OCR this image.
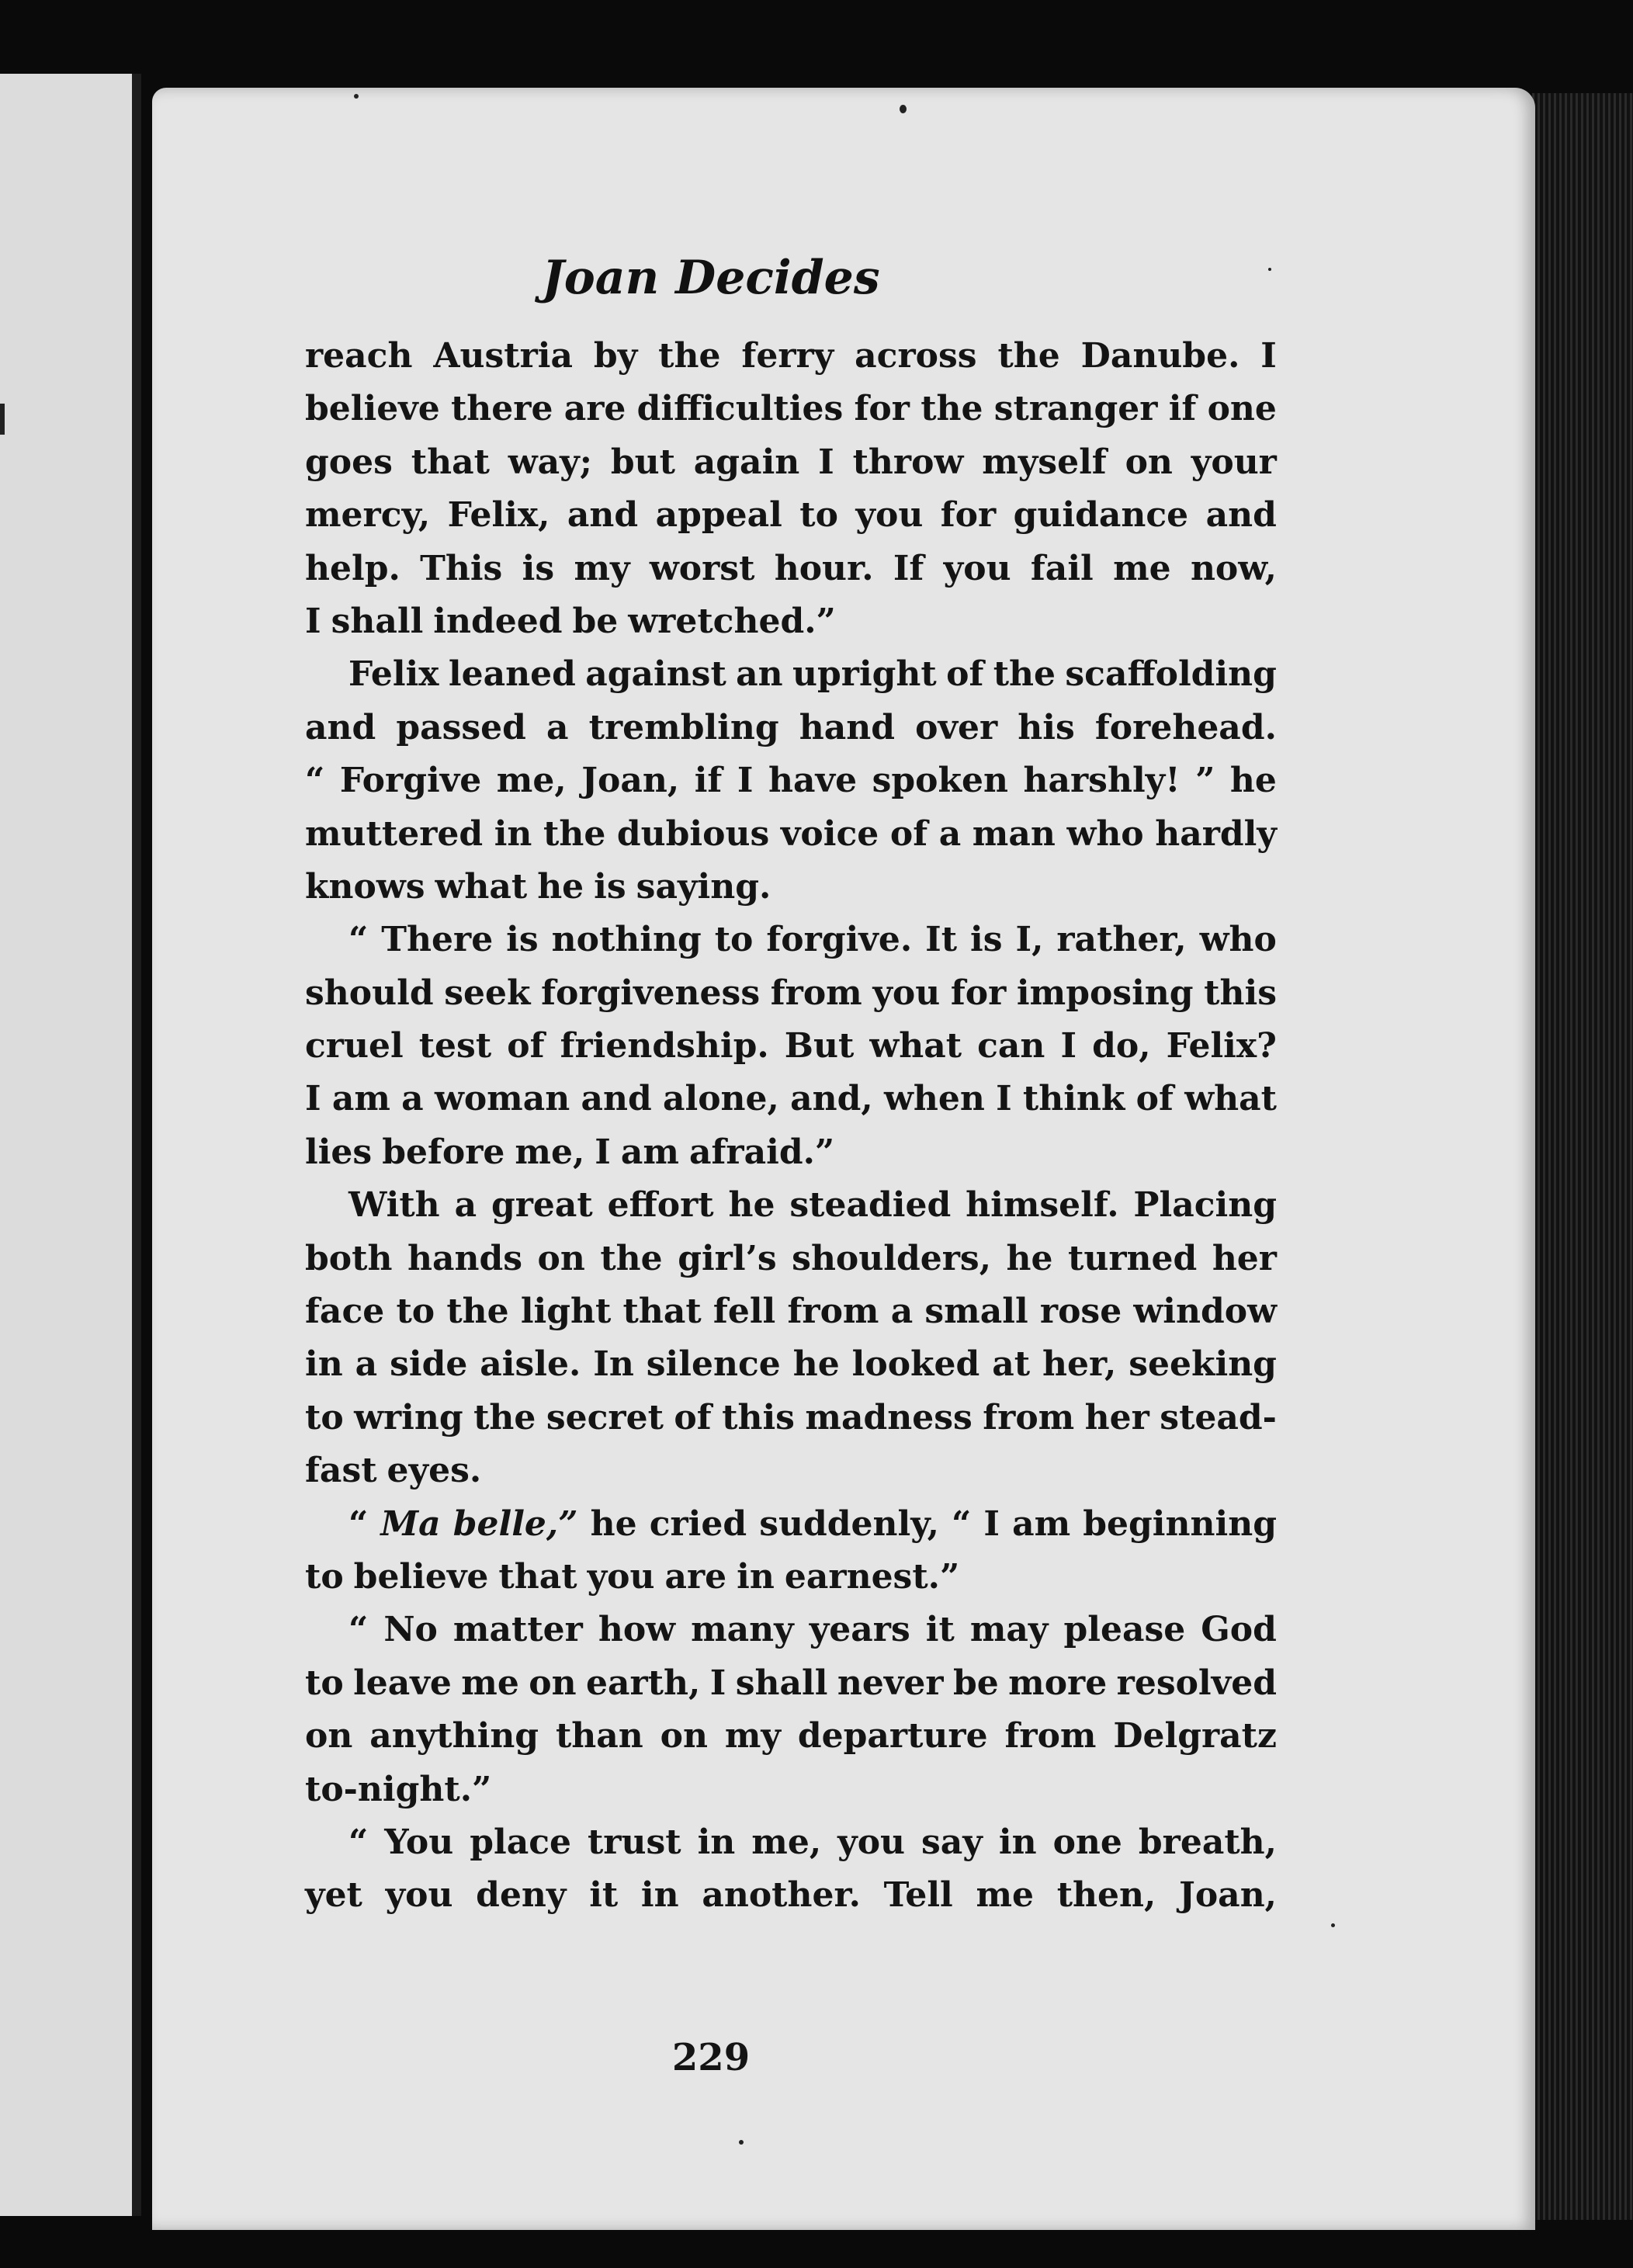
Joan Decides
reach Austria by the ferry across the Danube. I
believe there are difficulties for the stranger if one
goes that way; but again I throw myself on your
mercy, Felix, and appeal to you for guidance and
help. This is my worst hour. If you fail me now,
I shall indeed be wretched.”
Felix leaned against an upright of the scaffolding
and passed a trembling hand over his forehead.
“ Forgive me, Joan, if I have spoken harshly! ” he
muttered in the dubious voice of a man who hardly
knows what he is saying.
“ There is nothing to forgive. It is I, rather, who
should seek forgiveness from you for imposing this
cruel test of friendship. But what can I do, Felix?
I am a woman and alone, and, when I think of what
lies before me, I am afraid.”
With a great effort he steadied himself. Placing
both hands on the girl’s shoulders, he turned her
face to the light that fell from a small rose window
in a side aisle. In silence he looked at her, seeking
to wring the secret of this madness from her stead-
fast eyes.
“ Ma belle,” he cried suddenly, “ I am beginning
to believe that you are in earnest.”
“ No matter how many years it may please God
to leave me on earth, I shall never be more resolved
on anything than on my departure from Delgratz
to-night.”
“ You place trust in me, you say in one breath,
yet you deny it in another. Tell me then, Joan,
229
